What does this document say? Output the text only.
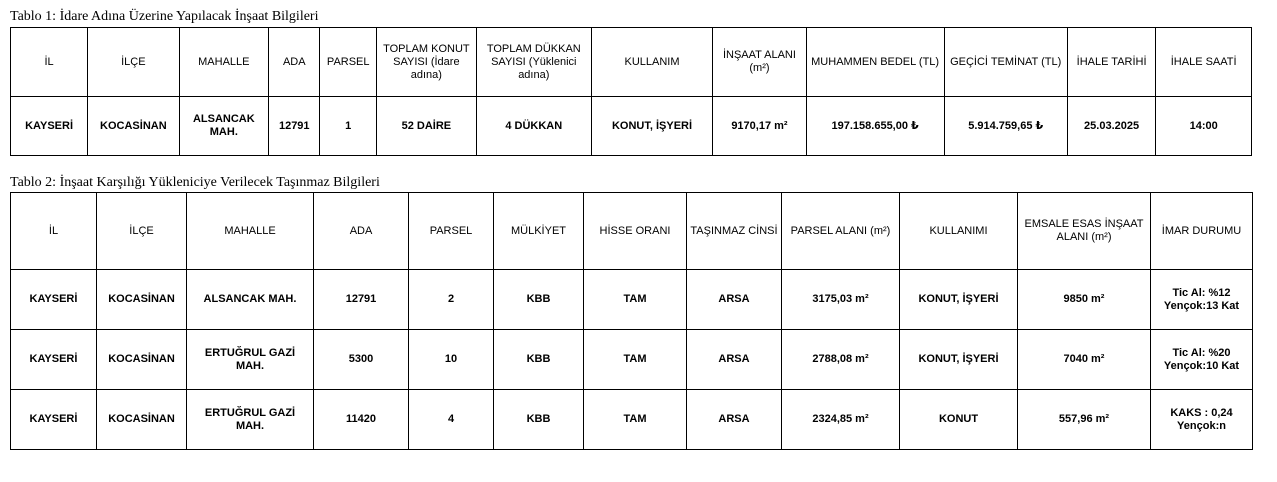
Tablo 1: İdare Adına Üzerine Yapılacak İnşaat Bilgileri
İL	İLÇE	MAHALLE	ADA	PARSEL	TOPLAM KONUT SAYISI (İdare adına)	TOPLAM DÜKKAN SAYISI (Yüklenici adına)	KULLANIM	İNŞAAT ALANI (m²)	MUHAMMEN BEDEL (TL)	GEÇİCİ TEMİNAT (TL)	İHALE TARİHİ	İHALE SAATİ
KAYSERİ	KOCASİNAN	ALSANCAK MAH.	12791	1	52 DAİRE	4 DÜKKAN	KONUT, İŞYERİ	9170,17 m²	197.158.655,00 ₺	5.914.759,65 ₺	25.03.2025	14:00
Tablo 2: İnşaat Karşılığı Yükleniciye Verilecek Taşınmaz Bilgileri
İL	İLÇE	MAHALLE	ADA	PARSEL	MÜLKİYET	HİSSE ORANI	TAŞINMAZ CİNSİ	PARSEL ALANI (m²)	KULLANIMI	EMSALE ESAS İNŞAAT ALANI (m²)	İMAR DURUMU
KAYSERİ	KOCASİNAN	ALSANCAK MAH.	12791	2	KBB	TAM	ARSA	3175,03 m²	KONUT, İŞYERİ	9850 m²	Tic Al: %12
Yençok:13 Kat

KAYSERİ	KOCASİNAN	ERTUĞRUL GAZİ MAH.	5300	10	KBB	TAM	ARSA	2788,08 m²	KONUT, İŞYERİ	7040 m²	Tic Al: %20
Yençok:10 Kat

KAYSERİ	KOCASİNAN	ERTUĞRUL GAZİ MAH.	11420	4	KBB	TAM	ARSA	2324,85 m²	KONUT	557,96 m²	KAKS : 0,24
Yençok:n
